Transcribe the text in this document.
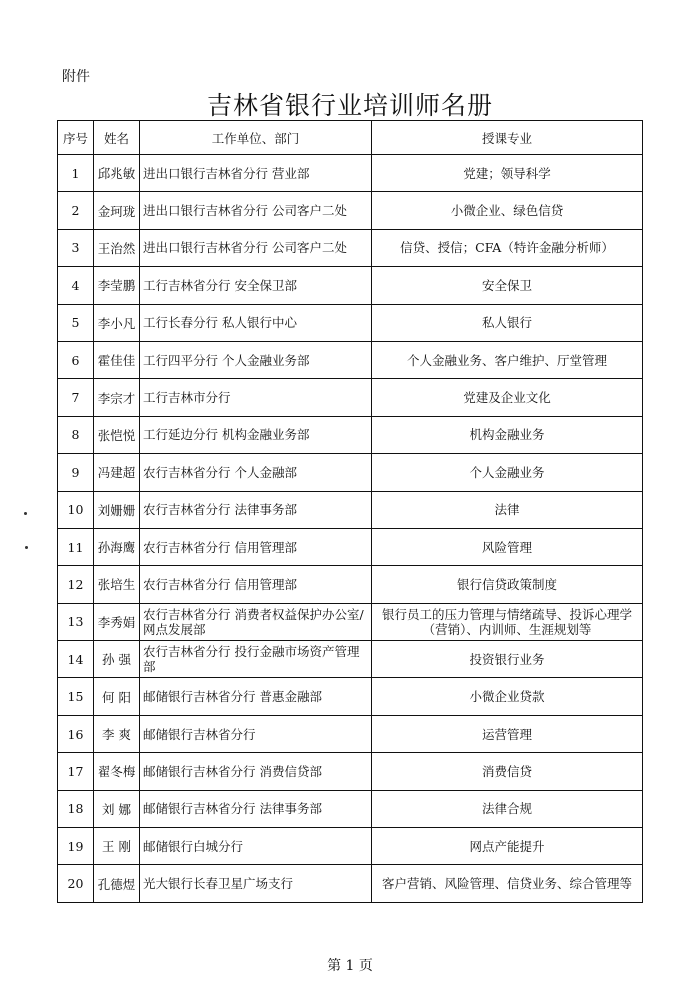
附件
吉林省银行业培训师名册
序号	姓名	工作单位、部门	授课专业
1	邱兆敏	进出口银行吉林省分行 营业部	党建；领导科学
2	金珂珑	进出口银行吉林省分行 公司客户二处	小微企业、绿色信贷
3	王治然	进出口银行吉林省分行 公司客户二处	信贷、授信；CFA（特许金融分析师）
4	李莹鹏	工行吉林省分行 安全保卫部	安全保卫
5	李小凡	工行长春分行 私人银行中心	私人银行
6	霍佳佳	工行四平分行 个人金融业务部	个人金融业务、客户维护、厅堂管理
7	李宗才	工行吉林市分行	党建及企业文化
8	张恺悦	工行延边分行 机构金融业务部	机构金融业务
9	冯建超	农行吉林省分行 个人金融部	个人金融业务
10	刘姗姗	农行吉林省分行 法律事务部	法律
11	孙海鹰	农行吉林省分行 信用管理部	风险管理
12	张培生	农行吉林省分行 信用管理部	银行信贷政策制度
13	李秀娟	农行吉林省分行 消费者权益保护办公室/网点发展部	银行员工的压力管理与情绪疏导、投诉心理学（营销）、内训师、生涯规划等
14	孙 强	农行吉林省分行 投行金融市场资产管理部	投资银行业务
15	何 阳	邮储银行吉林省分行 普惠金融部	小微企业贷款
16	李 爽	邮储银行吉林省分行	运营管理
17	翟冬梅	邮储银行吉林省分行 消费信贷部	消费信贷
18	刘 娜	邮储银行吉林省分行 法律事务部	法律合规
19	王 刚	邮储银行白城分行	网点产能提升
20	孔德煜	光大银行长春卫星广场支行	客户营销、风险管理、信贷业务、综合管理等
第 1 页
